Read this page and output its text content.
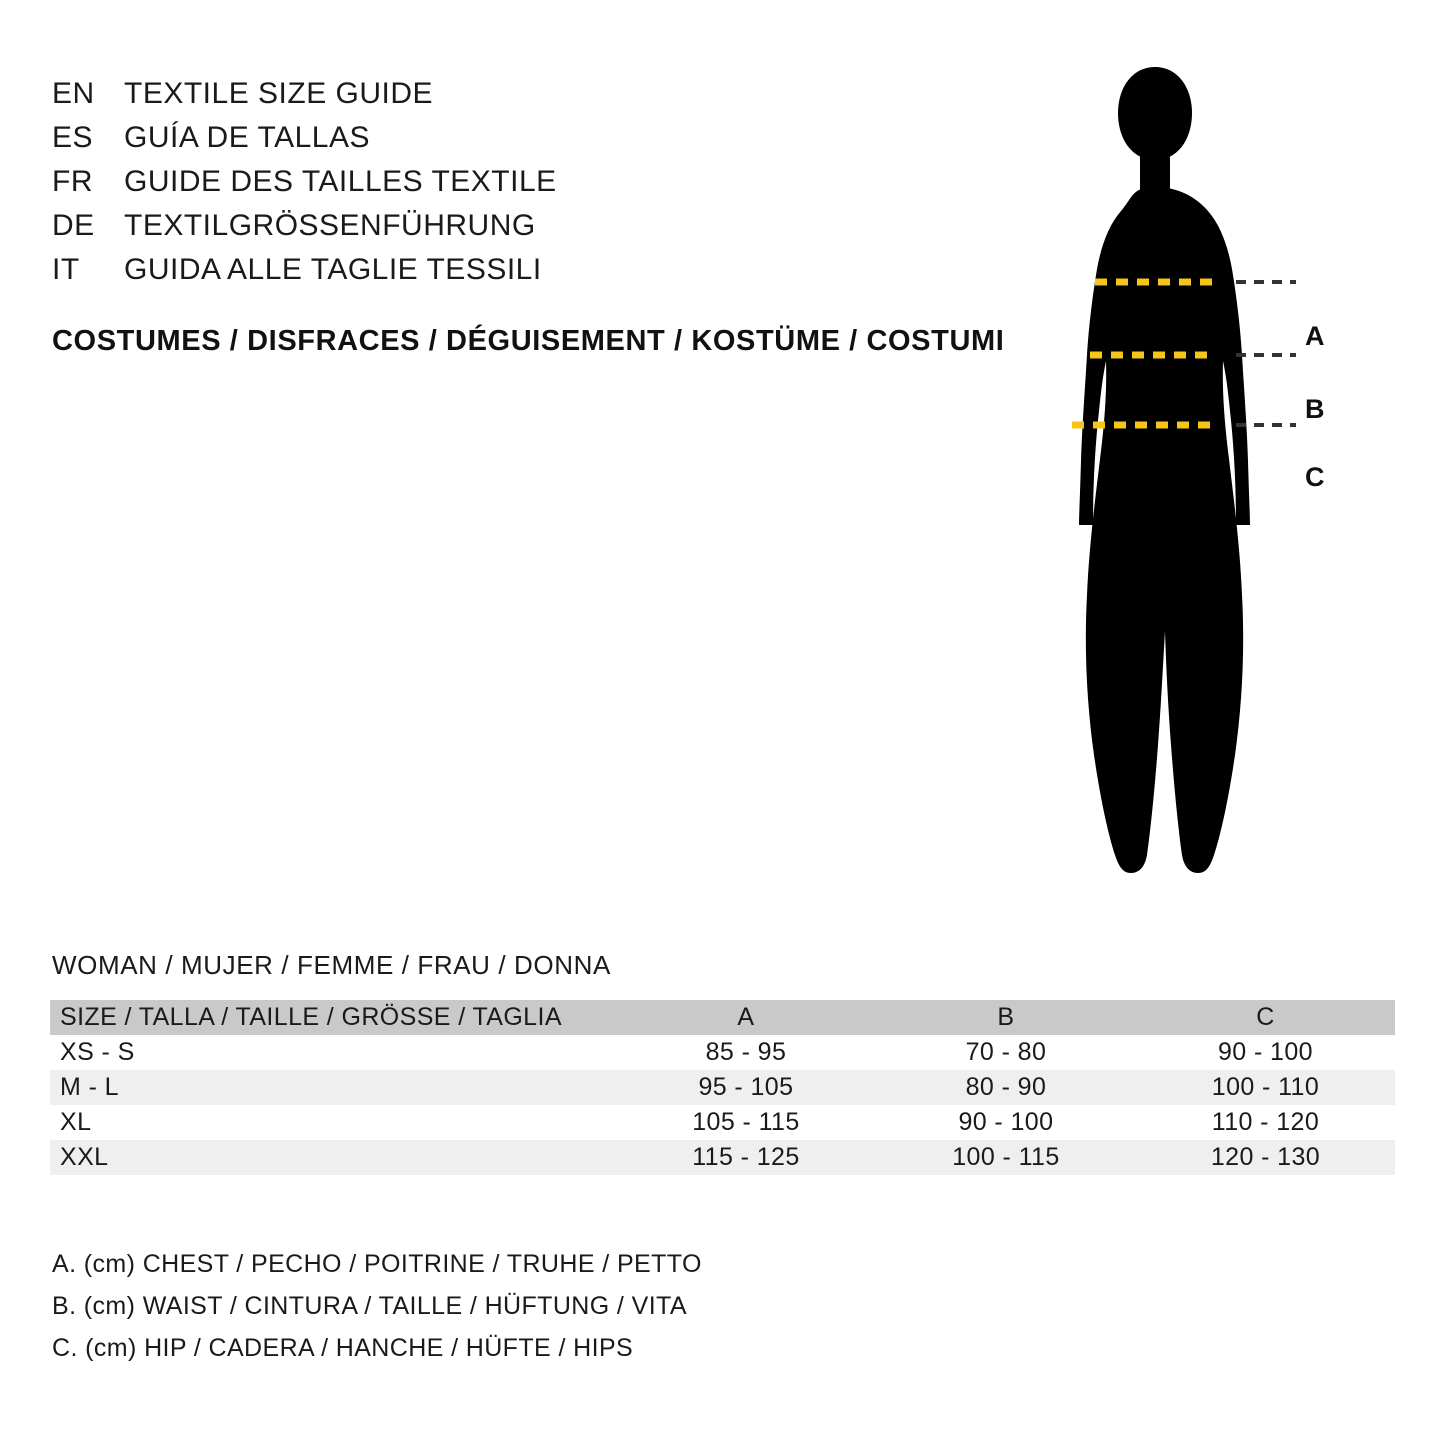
EN TEXTILE SIZE GUIDE
ES	GUÍA DE TALLAS
FR	GUIDE DES TAILLES TEXTILE
DE TEXTILGRÖSSENFÜHRUNG
IT	GUIDA ALLE TAGLIE TESSILI
COSTUMES / DISFRACES / DÉGUISEMENT / KOSTÜME / COSTUMI	A
B
C
WOMAN / MUJER / FEMME / FRAU / DONNA
SIZE / TALLA / TAILLE / GRÖSSE / TAGLIA	A	B	C
XS - S	85 - 95	70 - 80	90 - 100
M - L	95 - 105	80 - 90	100 - 110
XL	105 - 115	90 - 100	110 - 120
XXL	115 - 125	100 - 115	120 - 130
A. (cm) CHEST / PECHO / POITRINE / TRUHE / PETTO
B. (cm) WAIST / CINTURA / TAILLE / HÜFTUNG / VITA
C. (cm) HIP / CADERA / HANCHE / HÜFTE / HIPS
